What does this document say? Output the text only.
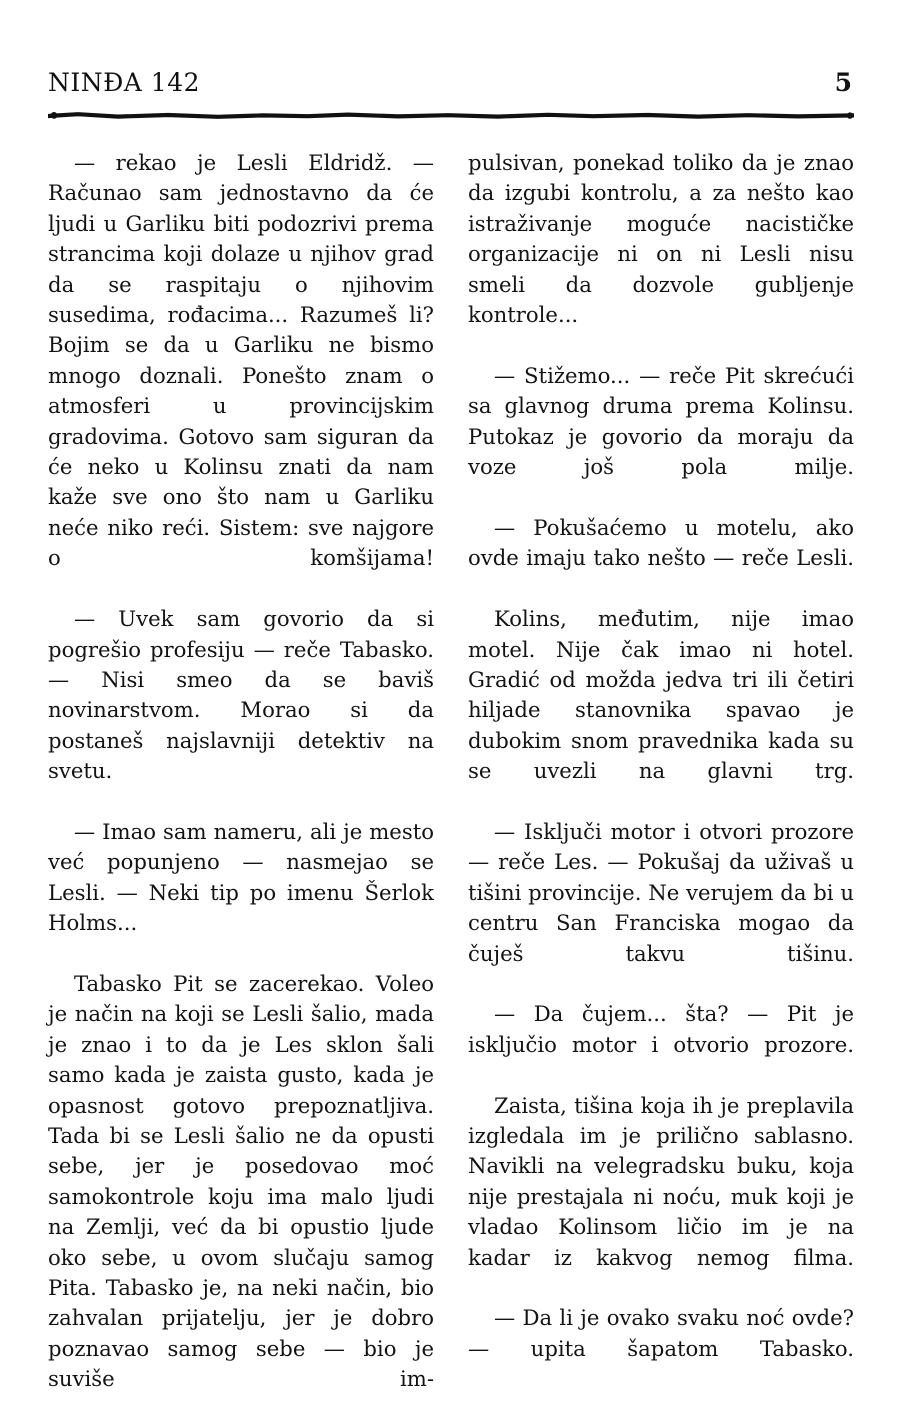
NINĐA 142	5

— rekao je Lesli Eldridž. — Računao sam jednostavno da će ljudi u Garliku biti podozrivi prema strancima koji dolaze u njihov grad da se raspitaju o njihovim susedima, rođacima... Razumeš li? Bojim se da u Garliku ne bismo mnogo doznali. Ponešto znam o atmosferi u provincijskim gradovima. Gotovo sam siguran da će neko u Kolinsu znati da nam kaže sve ono što nam u Garliku neće niko reći. Sistem: sve najgore o komšijama!

— Uvek sam govorio da si pogrešio profesiju — reče Tabasko. — Nisi smeo da se baviš novinarstvom. Morao si da postaneš najslavniji detektiv na svetu.

— Imao sam nameru, ali je mesto već popunjeno — nasmejao se Lesli. — Neki tip po imenu Šerlok Holms...

Tabasko Pit se zacerekao. Voleo je način na koji se Lesli šalio, mada je znao i to da je Les sklon šali samo kada je zaista gusto, kada je opasnost gotovo prepoznatljiva. Tada bi se Lesli šalio ne da opusti sebe, jer je posedovao moć samokontrole koju ima malo ljudi na Zemlji, već da bi opustio ljude oko sebe, u ovom slučaju samog Pita. Tabasko je, na neki način, bio zahvalan prijatelju, jer je dobro poznavao samog sebe — bio je suviše im-

pulsivan, ponekad toliko da je znao da izgubi kontrolu, a za nešto kao istraživanje moguće nacističke organizacije ni on ni Lesli nisu smeli da dozvole gubljenje kontrole...

— Stižemo... — reče Pit skrećući sa glavnog druma prema Kolinsu. Putokaz je govorio da moraju da voze još pola milje.

— Pokušaćemo u motelu, ako ovde imaju tako nešto — reče Lesli.

Kolins, međutim, nije imao motel. Nije čak imao ni hotel. Gradić od možda jedva tri ili četiri hiljade stanovnika spavao je dubokim snom pravednika kada su se uvezli na glavni trg.

— Isključi motor i otvori prozore — reče Les. — Pokušaj da uživaš u tišini provincije. Ne verujem da bi u centru San Franciska mogao da čuješ takvu tišinu.

— Da čujem... šta? — Pit je isključio motor i otvorio prozore.

Zaista, tišina koja ih je preplavila izgledala im je prilično sablasno. Navikli na velegradsku buku, koja nije prestajala ni noću, muk koji je vladao Kolinsom ličio im je na kadar iz kakvog nemog filma.

— Da li je ovako svaku noć ovde? — upita šapatom Tabasko.
